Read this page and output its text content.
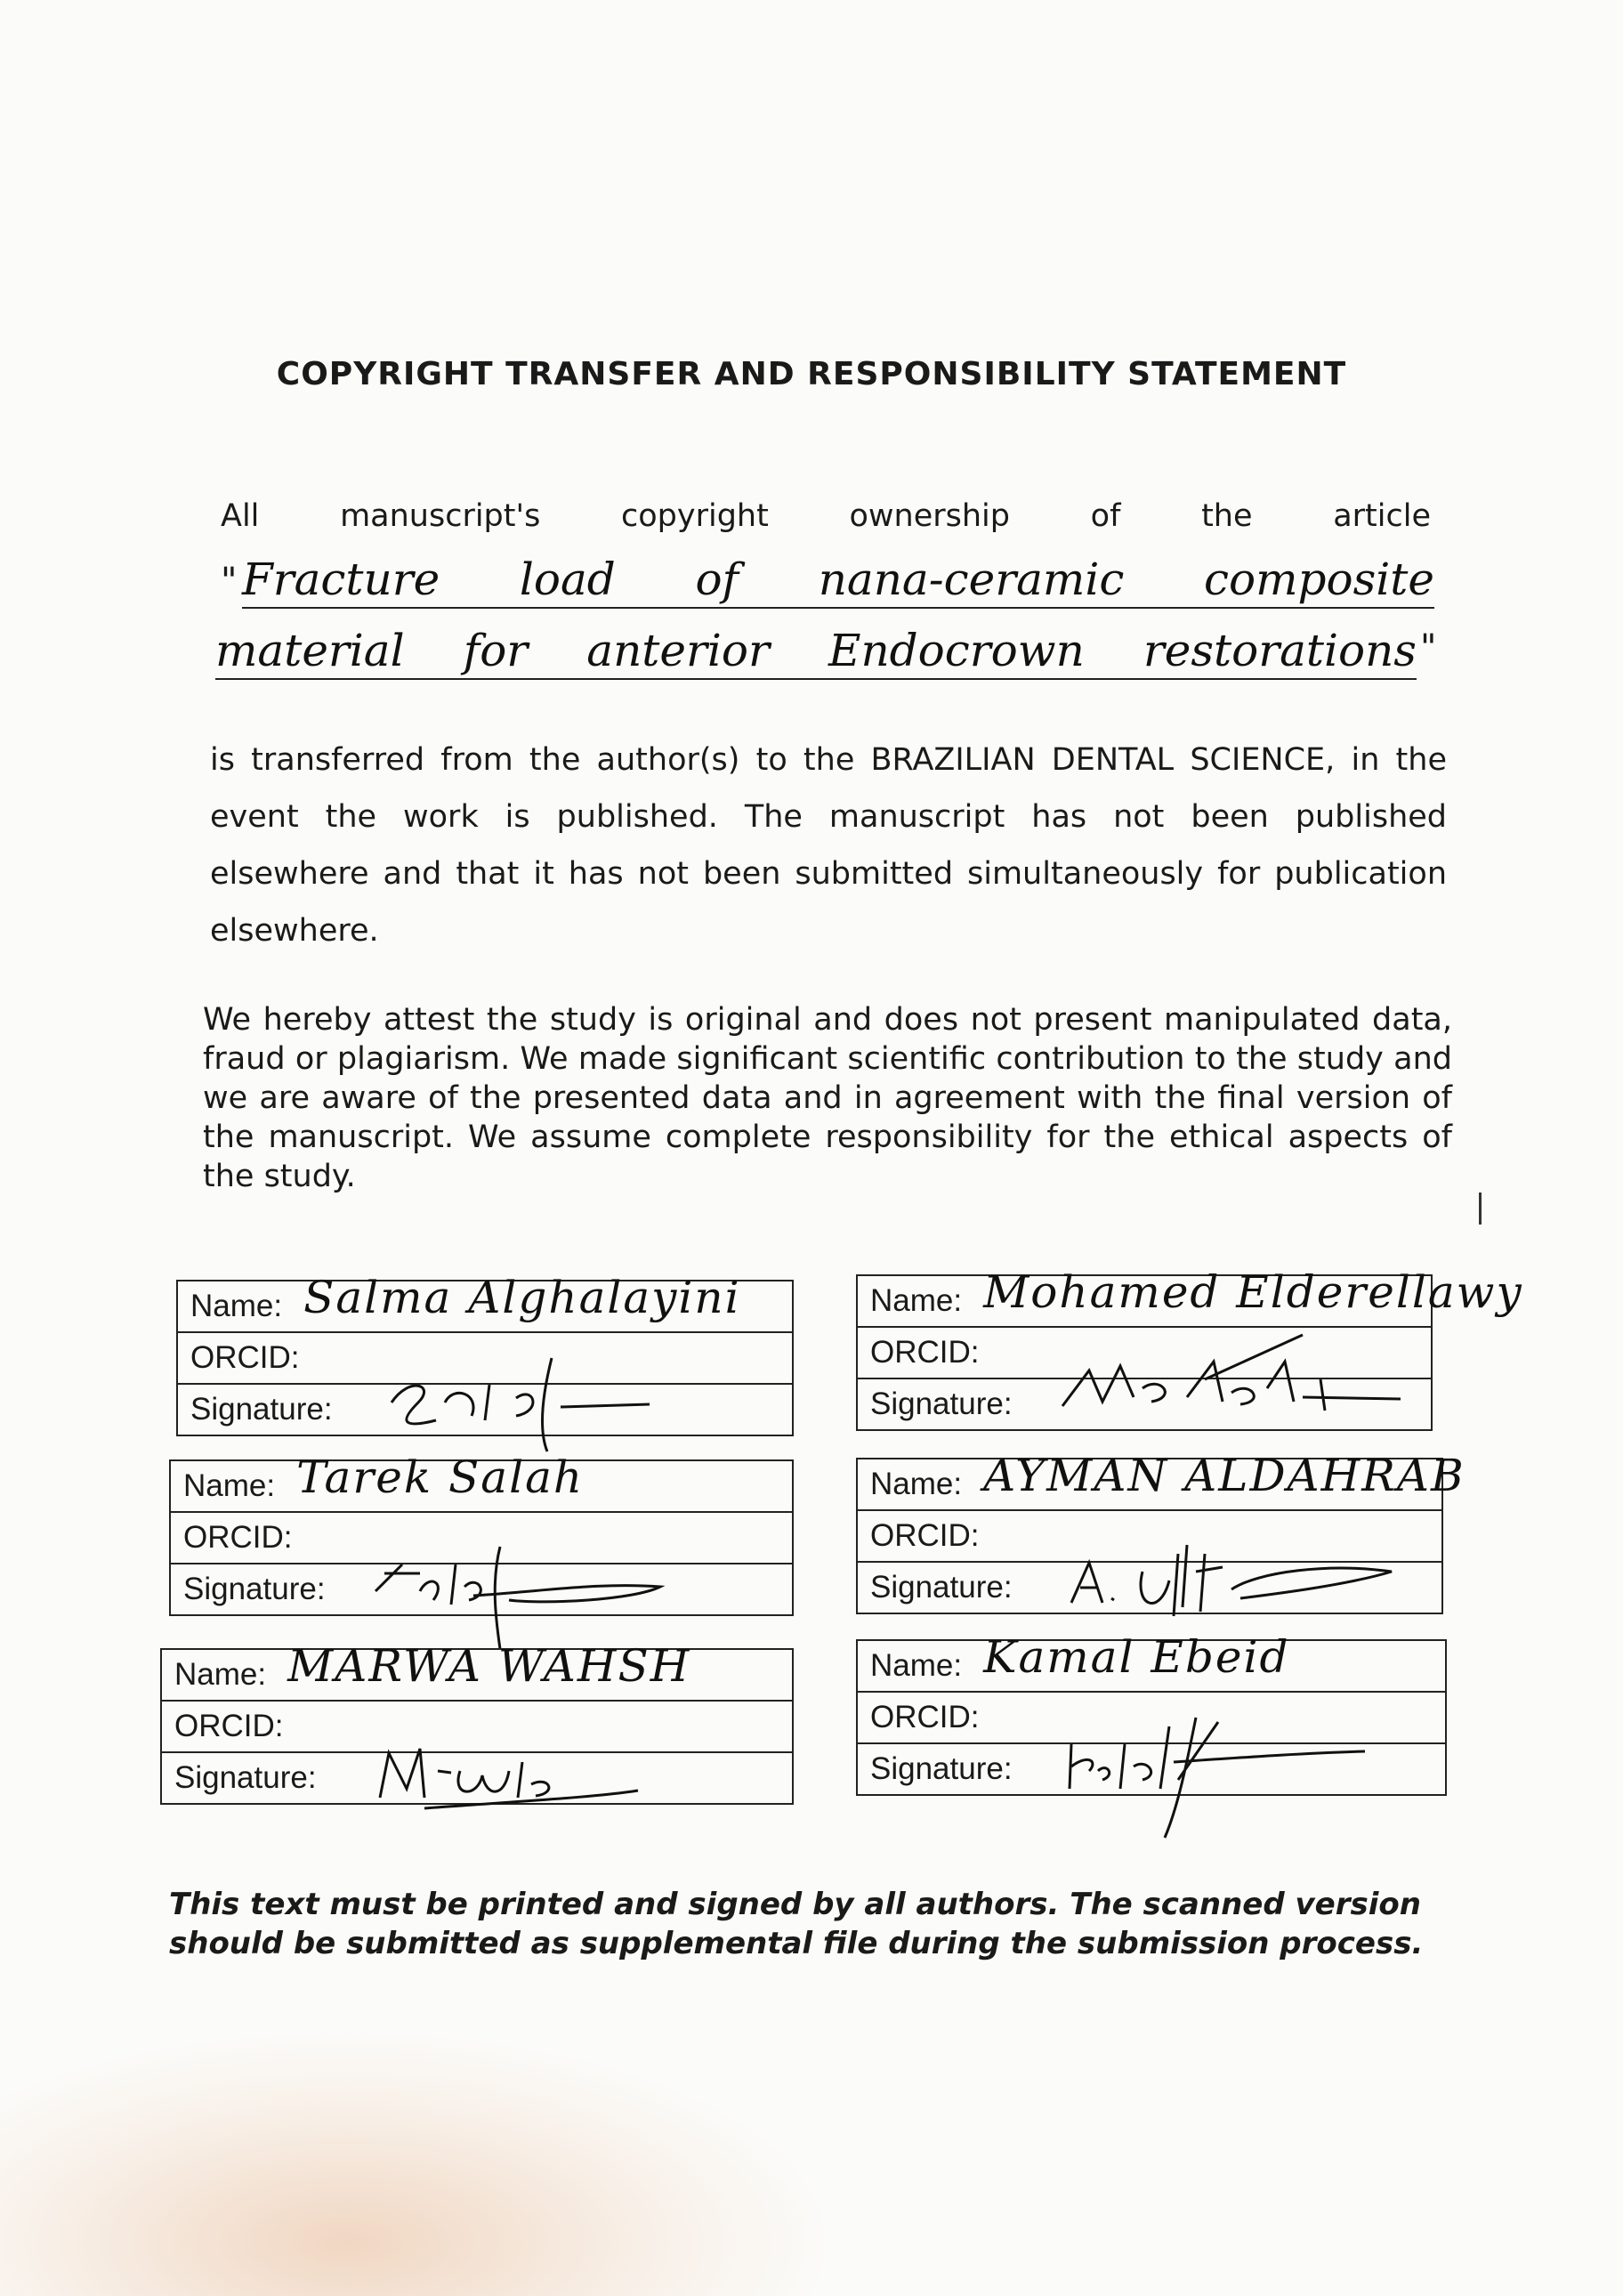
COPYRIGHT TRANSFER AND RESPONSIBILITY STATEMENT
All	manuscript's	copyright	ownership	of	the	article
" Fracture load of nana-ceramic composite
material for anterior Endocrown restorations "
is transferred from the author(s) to the BRAZILIAN DENTAL SCIENCE, in the event the work is published. The manuscript has not been published elsewhere and that it has not been submitted simultaneously for publication elsewhere.
We hereby attest the study is original and does not present manipulated data, fraud or plagiarism. We made significant scientific contribution to the study and we are aware of the presented data and in agreement with the final version of the manuscript. We assume complete responsibility for the ethical aspects of the study.
Name: Salma Alghalayini
ORCID:
Signature:
Name: Mohamed Elderellawy
ORCID:
Signature:
Name: Tarek Salah
ORCID:
Signature:
Name: AYMAN ALDAHRAB
ORCID:
Signature:
Name: MARWA WAHSH
ORCID:
Signature:
Name: Kamal Ebeid
ORCID:
Signature:
This text must be printed and signed by all authors. The scanned version should be submitted as supplemental file during the submission process.
